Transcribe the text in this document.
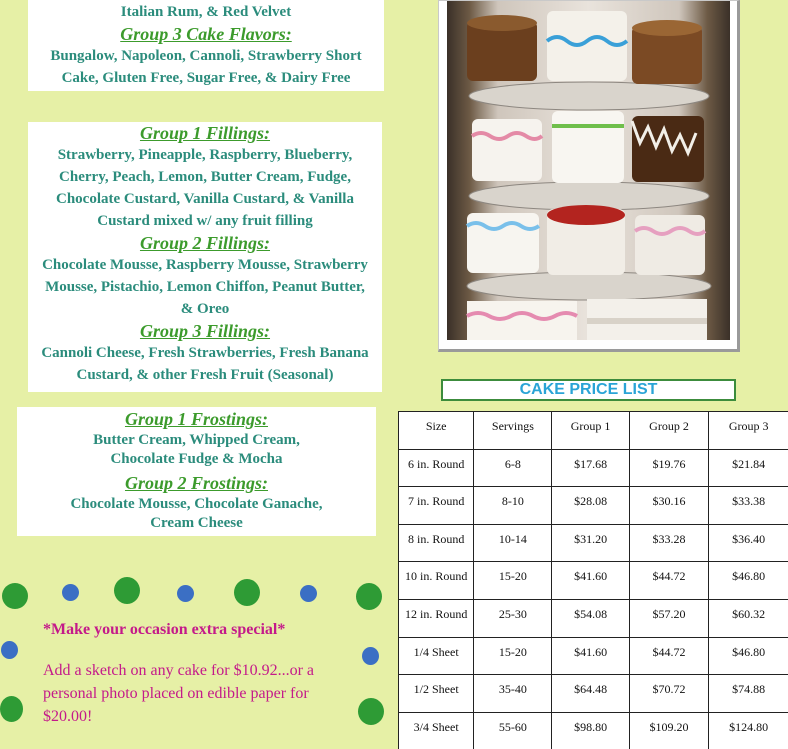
Italian Rum, & Red Velvet
Group 3 Cake Flavors:
Bungalow, Napoleon, Cannoli, Strawberry Short Cake, Gluten Free, Sugar Free, & Dairy Free
Group 1 Fillings:
Strawberry, Pineapple, Raspberry, Blueberry, Cherry, Peach, Lemon, Butter Cream, Fudge, Chocolate Custard, Vanilla Custard, & Vanilla Custard mixed w/ any fruit filling
Group 2 Fillings:
Chocolate Mousse, Raspberry Mousse, Strawberry Mousse, Pistachio, Lemon Chiffon, Peanut Butter, & Oreo
Group 3 Fillings:
Cannoli Cheese, Fresh Strawberries, Fresh Banana Custard, & other Fresh Fruit (Seasonal)
Group 1 Frostings:
Butter Cream, Whipped Cream,
Chocolate Fudge & Mocha
Group 2 Frostings:
Chocolate Mousse, Chocolate Ganache,
Cream Cheese
*Make your occasion extra special*
Add a sketch on any cake for $10.92...or a personal photo placed on edible paper for $20.00!
CAKE PRICE LIST
Size	Servings	Group 1	Group 2	Group 3
6 in. Round	6-8	$17.68	$19.76	$21.84
7 in. Round	8-10	$28.08	$30.16	$33.38
8 in. Round	10-14	$31.20	$33.28	$36.40
10 in. Round	15-20	$41.60	$44.72	$46.80
12 in. Round	25-30	$54.08	$57.20	$60.32
1/4 Sheet	15-20	$41.60	$44.72	$46.80
1/2 Sheet	35-40	$64.48	$70.72	$74.88
3/4 Sheet	55-60	$98.80	$109.20	$124.80
